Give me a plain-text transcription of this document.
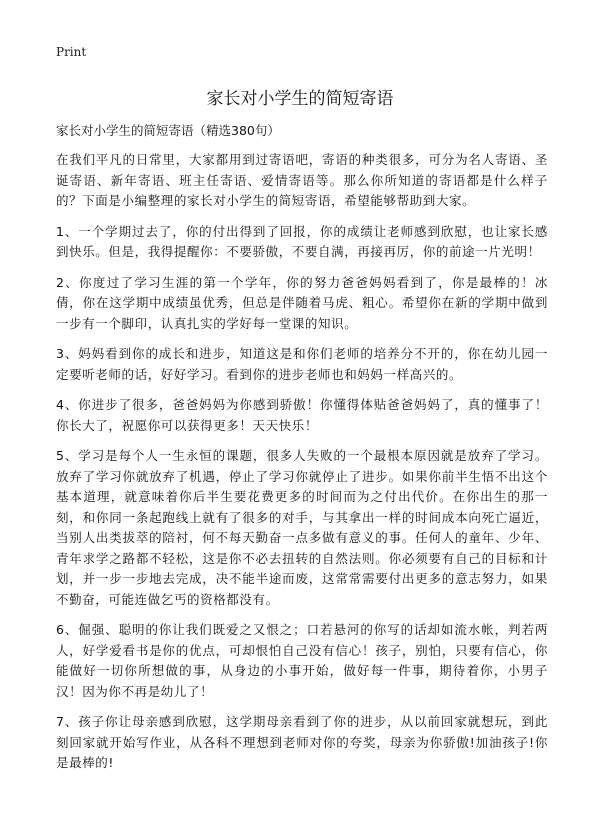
Print
家长对小学生的简短寄语
家长对小学生的简短寄语（精选380句）

在我们平凡的日常里，大家都用到过寄语吧，寄语的种类很多，可分为名人寄语、圣诞寄语、新年寄语、班主任寄语、爱情寄语等。那么你所知道的寄语都是什么样子的？下面是小编整理的家长对小学生的简短寄语，希望能够帮助到大家。

1、一个学期过去了，你的付出得到了回报，你的成绩让老师感到欣慰，也让家长感到快乐。但是，我得提醒你：不要骄傲，不要自满，再接再厉，你的前途一片光明！

2、你度过了学习生涯的第一个学年，你的努力爸爸妈妈看到了，你是最棒的！冰倩，你在这学期中成绩虽优秀，但总是伴随着马虎、粗心。希望你在新的学期中做到一步有一个脚印，认真扎实的学好每一堂课的知识。

3、妈妈看到你的成长和进步，知道这是和你们老师的培养分不开的，你在幼儿园一定要听老师的话，好好学习。看到你的进步老师也和妈妈一样高兴的。

4、你进步了很多，爸爸妈妈为你感到骄傲！你懂得体贴爸爸妈妈了，真的懂事了！你长大了，祝愿你可以获得更多！天天快乐！

5、学习是每个人一生永恒的课题，很多人失败的一个最根本原因就是放弃了学习。放弃了学习你就放弃了机遇，停止了学习你就停止了进步。如果你前半生悟不出这个基本道理，就意味着你后半生要花费更多的时间而为之付出代价。在你出生的那一刻，和你同一条起跑线上就有了很多的对手，与其拿出一样的时间成本向死亡逼近，当别人出类拔萃的陪衬，何不每天勤奋一点多做有意义的事。任何人的童年、少年、青年求学之路都不轻松，这是你不必去扭转的自然法则。你必须要有自己的目标和计划，并一步一步地去完成，决不能半途而废，这常常需要付出更多的意志努力，如果不勤奋，可能连做乞丐的资格都没有。

6、倔强、聪明的你让我们既爱之又恨之；口若悬河的你写的话却如流水帐，判若两人，好学爱看书是你的优点，可却恨怕自己没有信心！孩子，别怕，只要有信心，你能做好一切你所想做的事，从身边的小事开始，做好每一件事，期待着你，小男子汉！因为你不再是幼儿了！

7、孩子你让母亲感到欣慰，这学期母亲看到了你的进步，从以前回家就想玩，到此刻回家就开始写作业，从各科不理想到老师对你的夸奖，母亲为你骄傲!加油孩子!你是最棒的!
